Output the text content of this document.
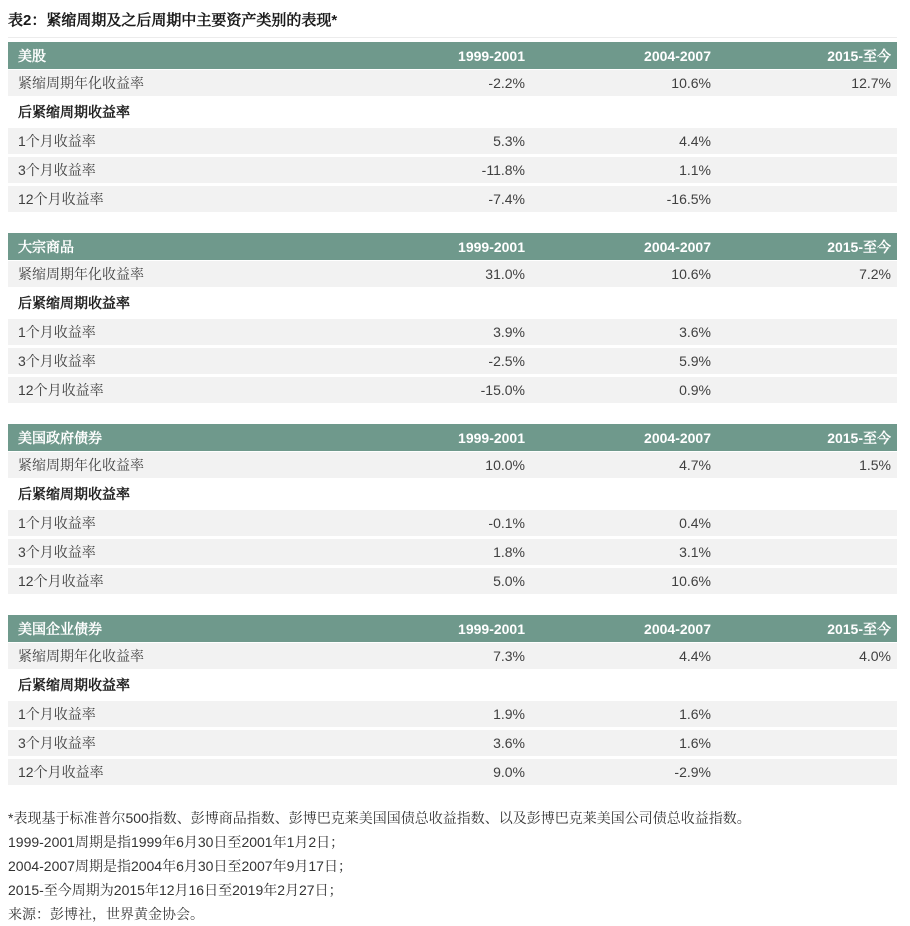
表2：紧缩周期及之后周期中主要资产类别的表现*
美股	1999-2001	2004-2007	2015-至今
紧缩周期年化收益率	-2.2%	10.6%	12.7%
后紧缩周期收益率
1个月收益率	5.3%	4.4%
3个月收益率	-11.8%	1.1%
12个月收益率	-7.4%	-16.5%
大宗商品	1999-2001	2004-2007	2015-至今
紧缩周期年化收益率	31.0%	10.6%	7.2%
后紧缩周期收益率
1个月收益率	3.9%	3.6%
3个月收益率	-2.5%	5.9%
12个月收益率	-15.0%	0.9%
美国政府债券	1999-2001	2004-2007	2015-至今
紧缩周期年化收益率	10.0%	4.7%	1.5%
后紧缩周期收益率
1个月收益率	-0.1%	0.4%
3个月收益率	1.8%	3.1%
12个月收益率	5.0%	10.6%
美国企业债券	1999-2001	2004-2007	2015-至今
紧缩周期年化收益率	7.3%	4.4%	4.0%
后紧缩周期收益率
1个月收益率	1.9%	1.6%
3个月收益率	3.6%	1.6%
12个月收益率	9.0%	-2.9%

*表现基于标准普尔500指数、彭博商品指数、彭博巴克莱美国国债总收益指数、以及彭博巴克莱美国公司债总收益指数。

1999-2001周期是指1999年6月30日至2001年1月2日；

2004-2007周期是指2004年6月30日至2007年9月17日；

2015-至今周期为2015年12月16日至2019年2月27日；

来源：彭博社，世界黄金协会。
